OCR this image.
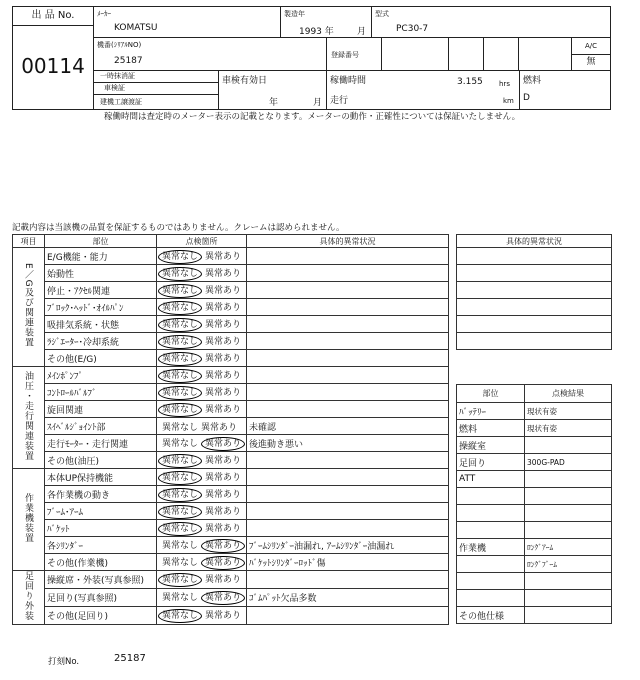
出 品 No.
00114
ﾒｰｶｰ
KOMATSU
製造年
1993 年	月
型式
PC30-7
機番(ｼﾘｱﾙNO)
25187
登録番号
A/C
無
一時抹消証
車検証
建機工譲渡証
車検有効日
年	月
稼働時間	3.155 hrs
走行	km
燃料
D
稼働時間は査定時のメーター表示の記載となります。メーターの動作・正確性については保証いたしません。
記載内容は当該機の品質を保証するものではありません。クレームは認められません。
項目	部位	点検箇所	具体的異常状況
E／G及び関連装置	E/G機能・能力	異常なし 異常あり	
	始動性	異常なし 異常あり	
	停止・ｱｸｾﾙ関連	異常なし 異常あり	
	ﾌﾞﾛｯｸ･ﾍｯﾄﾞ･ｵｲﾙﾊﾟﾝ	異常なし 異常あり	
	吸排気系統・状態	異常なし 異常あり	
	ﾗｼﾞｴｰﾀｰ･冷却系統	異常なし 異常あり	
	その他(E/G)	異常なし 異常あり	
油圧・走行関連装置	ﾒｲﾝﾎﾟﾝﾌﾟ	異常なし 異常あり	
	ｺﾝﾄﾛｰﾙﾊﾞﾙﾌﾞ	異常なし 異常あり	
	旋回関連	異常なし 異常あり	
	ｽｲﾍﾞﾙｼﾞｮｲﾝﾄ部	異常なし 異常あり	未確認
	走行ﾓｰﾀｰ・走行関連	異常なし 異常あり	後進動き悪い
	その他(油圧)	異常なし 異常あり	
作業機装置	本体UP保持機能	異常なし 異常あり	
	各作業機の動き	異常なし 異常あり	
	ﾌﾞｰﾑ･ｱｰﾑ	異常なし 異常あり	
	ﾊﾞｹｯﾄ	異常なし 異常あり	
	各ｼﾘﾝﾀﾞｰ	異常なし 異常あり	ﾌﾞｰﾑｼﾘﾝﾀﾞｰ油漏れ, ｱｰﾑｼﾘﾝﾀﾞｰ油漏れ
	その他(作業機)	異常なし 異常あり	ﾊﾞｹｯﾄｼﾘﾝﾀﾞｰﾛｯﾄﾞ傷
足回り外装	操縦席・外装(写真参照)	異常なし 異常あり	
	足回り(写真参照)	異常なし 異常あり	ｺﾞﾑﾊﾟｯﾄ欠品多数
	その他(足回り)	異常なし 異常あり	
具体的異常状況

部位	点検結果
ﾊﾞｯﾃﾘｰ	現状有姿
燃料	現状有姿
操縦室	
足回り	300G-PAD
ATT	

作業機	ﾛﾝｸﾞｱｰﾑ
	ﾛﾝｸﾞﾌﾞｰﾑ

その他仕様	
打刻No.	25187
